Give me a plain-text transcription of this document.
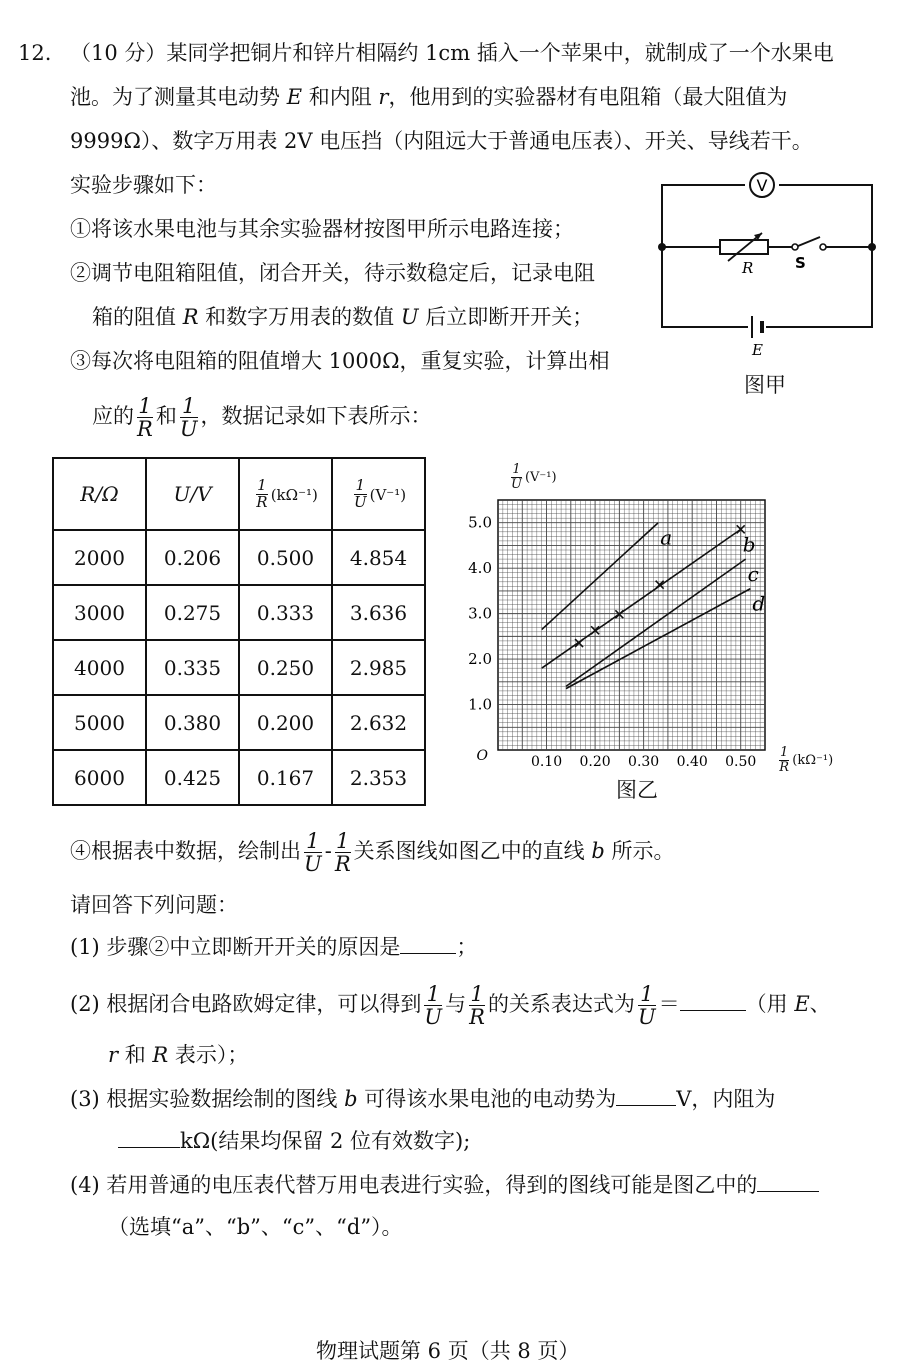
12. （10 分）某同学把铜片和锌片相隔约 1cm 插入一个苹果中，就制成了一个水果电
池。为了测量其电动势 E 和内阻 r，他用到的实验器材有电阻箱（最大阻值为
9999Ω）、数字万用表 2V 电压挡（内阻远大于普通电压表）、开关、导线若干。
实验步骤如下：
①将该水果电池与其余实验器材按图甲所示电路连接；
②调节电阻箱阻值，闭合开关，待示数稳定后，记录电阻
箱的阻值 R 和数字万用表的数值 U 后立即断开开关；
③每次将电阻箱的阻值增大 1000Ω，重复实验，计算出相
应的 $\frac{1}{R}$ 和 $\frac{1}{U}$ ，数据记录如下表所示：
V
R	S
E
图甲
R/Ω	U/V	$\frac{1}{R} (k\Omega^{-1})$	$\frac{1}{U} (V^{-1})$
2000	0.206	0.500	4.854
3000	0.275	0.333	3.636
4000	0.335	0.250	2.985
5000	0.380	0.200	2.632
6000	0.425	0.167	2.353
5.0
4.0
3.0
2.0
1.0
0.10 0.20 0.30 0.40 0.50
O
a	b
c
d
$\frac{1}{U} (V^{-1})$
$\frac{1}{R} (k\Omega^{-1})$
图乙
④根据表中数据，绘制出 $\frac{1}{U} - \frac{1}{R}$ 关系图线如图乙中的直线 b 所示。
请回答下列问题：
(1) 步骤②中立即断开开关的原因是	；
(2) 根据闭合电路欧姆定律，可以得到 $\frac{1}{U}$ 与 $\frac{1}{R}$ 的关系表达式为 $\frac{1}{U}$ ＝	（用 E、
r 和 R 表示）；
(3) 根据实验数据绘制的图线 b 可得该水果电池的电动势为	V，内阻为
kΩ(结果均保留 2 位有效数字);
(4) 若用普通的电压表代替万用电表进行实验，得到的图线可能是图乙中的
（选填“a”、“b”、“c”、“d”）。
物理试题第 6 页（共 8 页）
